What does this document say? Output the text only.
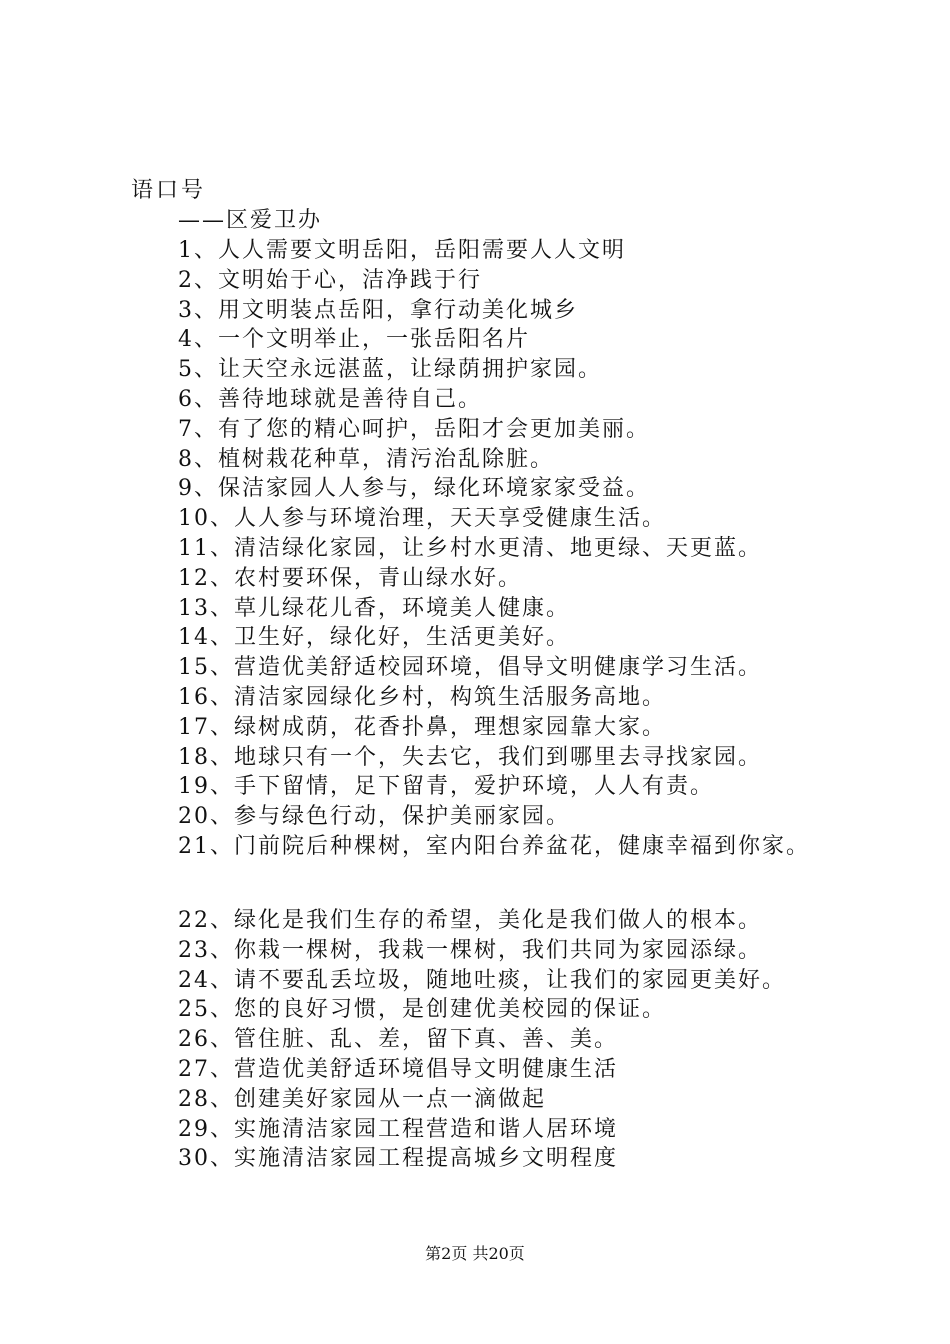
语口号
——区爱卫办
1、人人需要文明岳阳，岳阳需要人人文明
2、文明始于心，洁净践于行
3、用文明装点岳阳，拿行动美化城乡
4、一个文明举止，一张岳阳名片
5、让天空永远湛蓝，让绿荫拥护家园。
6、善待地球就是善待自己。
7、有了您的精心呵护，岳阳才会更加美丽。
8、植树栽花种草，清污治乱除脏。
9、保洁家园人人参与，绿化环境家家受益。
10、人人参与环境治理，天天享受健康生活。
11、清洁绿化家园，让乡村水更清、地更绿、天更蓝。
12、农村要环保，青山绿水好。
13、草儿绿花儿香，环境美人健康。
14、卫生好，绿化好，生活更美好。
15、营造优美舒适校园环境，倡导文明健康学习生活。
16、清洁家园绿化乡村，构筑生活服务高地。
17、绿树成荫，花香扑鼻，理想家园靠大家。
18、地球只有一个，失去它，我们到哪里去寻找家园。
19、手下留情，足下留青，爱护环境，人人有责。
20、参与绿色行动，保护美丽家园。
21、门前院后种棵树，室内阳台养盆花，健康幸福到你家。
22、绿化是我们生存的希望，美化是我们做人的根本。
23、你栽一棵树，我栽一棵树，我们共同为家园添绿。
24、请不要乱丢垃圾，随地吐痰，让我们的家园更美好。
25、您的良好习惯，是创建优美校园的保证。
26、管住脏、乱、差，留下真、善、美。
27、营造优美舒适环境倡导文明健康生活
28、创建美好家园从一点一滴做起
29、实施清洁家园工程营造和谐人居环境
30、实施清洁家园工程提高城乡文明程度
第2页 共20页
